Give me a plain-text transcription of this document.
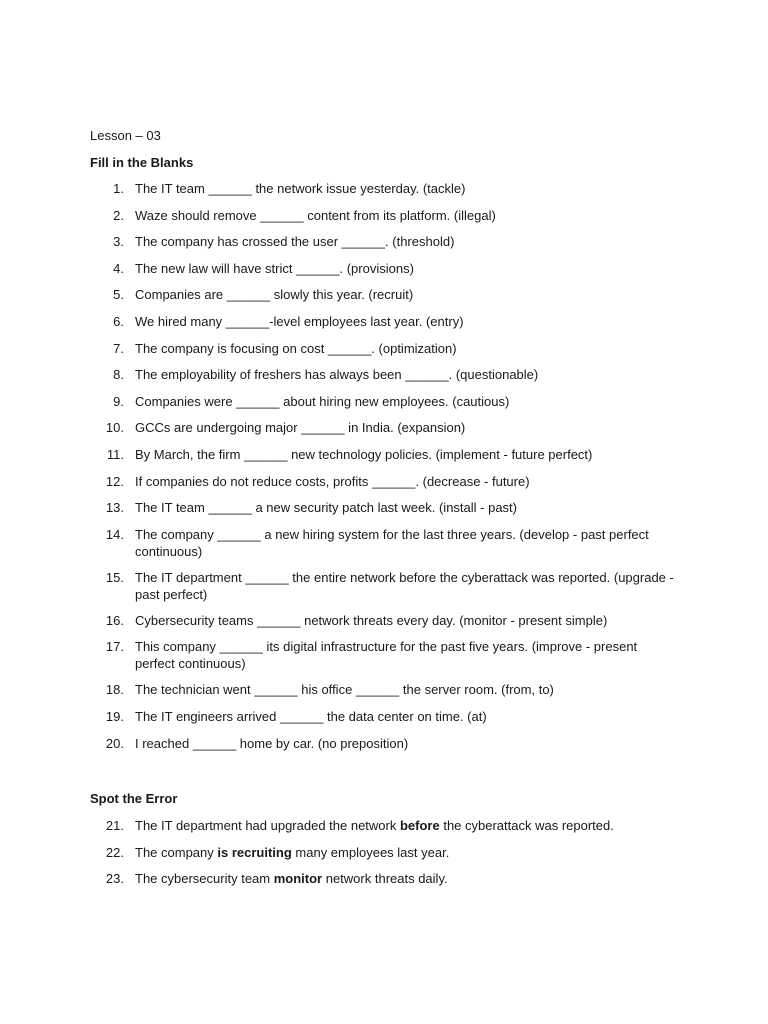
Lesson – 03
Fill in the Blanks
1. The IT team ______ the network issue yesterday. (tackle)
2. Waze should remove ______ content from its platform. (illegal)
3. The company has crossed the user ______. (threshold)
4. The new law will have strict ______. (provisions)
5. Companies are ______ slowly this year. (recruit)
6. We hired many ______-level employees last year. (entry)
7. The company is focusing on cost ______. (optimization)
8. The employability of freshers has always been ______. (questionable)
9. Companies were ______ about hiring new employees. (cautious)
10. GCCs are undergoing major ______ in India. (expansion)
11. By March, the firm ______ new technology policies. (implement - future perfect)
12. If companies do not reduce costs, profits ______. (decrease - future)
13. The IT team ______ a new security patch last week. (install - past)
14. The company ______ a new hiring system for the last three years. (develop - past perfect continuous)
15. The IT department ______ the entire network before the cyberattack was reported. (upgrade - past perfect)
16. Cybersecurity teams ______ network threats every day. (monitor - present simple)
17. This company ______ its digital infrastructure for the past five years. (improve - present perfect continuous)
18. The technician went ______ his office ______ the server room. (from, to)
19. The IT engineers arrived ______ the data center on time. (at)
20. I reached ______ home by car. (no preposition)
Spot the Error
21. The IT department had upgraded the network before the cyberattack was reported.
22. The company is recruiting many employees last year.
23. The cybersecurity team monitor network threats daily.
